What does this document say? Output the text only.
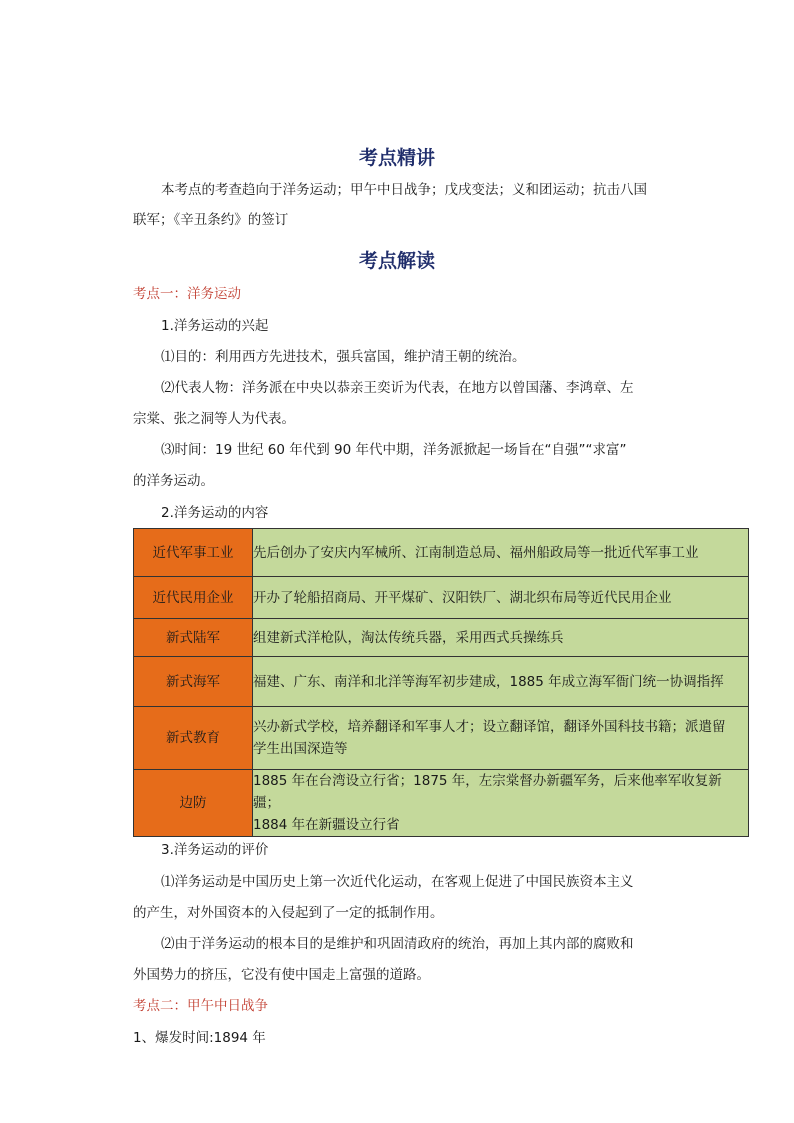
考点精讲

本考点的考查趋向于洋务运动；甲午中日战争；戊戌变法；义和团运动；抗击八国

联军；《辛丑条约》的签订

考点解读

考点一：洋务运动

1.洋务运动的兴起

⑴目的：利用西方先进技术，强兵富国，维护清王朝的统治。

⑵代表人物：洋务派在中央以恭亲王奕䜣为代表，在地方以曾国藩、李鸿章、左

宗棠、张之洞等人为代表。

⑶时间：19 世纪 60 年代到 90 年代中期，洋务派掀起一场旨在“自强”“求富”

的洋务运动。

2.洋务运动的内容

近代军事工业	先后创办了安庆内军械所、江南制造总局、福州船政局等一批近代军事工业

近代民用企业	开办了轮船招商局、开平煤矿、汉阳铁厂、湖北织布局等近代民用企业

新式陆军	组建新式洋枪队，淘汰传统兵器，采用西式兵操练兵

新式海军	福建、广东、南洋和北洋等海军初步建成，1885 年成立海军衙门统一协调指挥

新式教育	兴办新式学校，培养翻译和军事人才；设立翻译馆，翻译外国科技书籍；派遣留
学生出国深造等

边防	1885 年在台湾设立行省；1875 年，左宗棠督办新疆军务，后来他率军收复新疆；
1884 年在新疆设立行省

3.洋务运动的评价

⑴洋务运动是中国历史上第一次近代化运动，在客观上促进了中国民族资本主义

的产生，对外国资本的入侵起到了一定的抵制作用。

⑵由于洋务运动的根本目的是维护和巩固清政府的统治，再加上其内部的腐败和

外国势力的挤压，它没有使中国走上富强的道路。

考点二：甲午中日战争

1、爆发时间:1894 年
